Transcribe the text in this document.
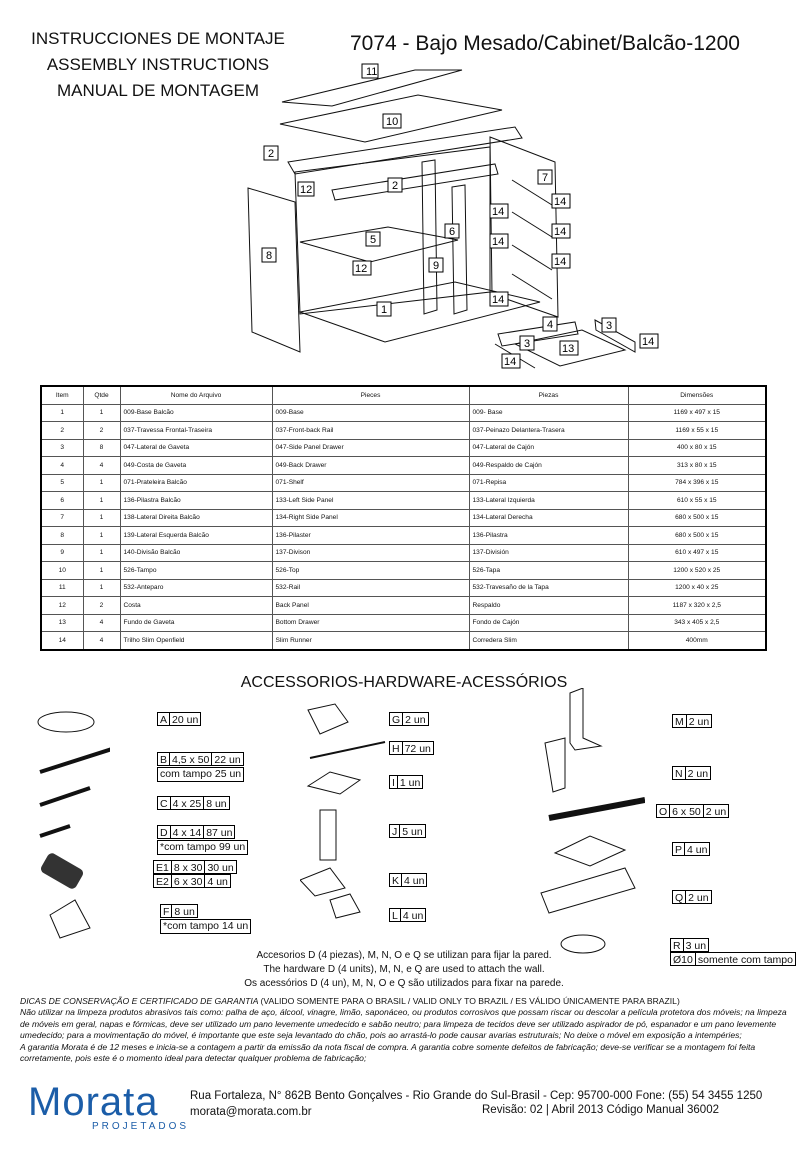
INSTRUCCIONES DE MONTAJE
ASSEMBLY INSTRUCTIONS
MANUAL DE MONTAGEM
7074 - Bajo Mesado/Cabinet/Balcão-1200
11
10
2
12	2
7
14
14
14
14
14
8
5
6
12	9
14
1
4	3
14
3	13
14
Item	Qtde	Nome do Arquivo	Pieces	Piezas	Dimensões
1	1	009-Base Balcão	009-Base	009- Base	1169 x 497 x 15
2	2	037-Travessa Frontal-Traseira	037-Front-back Rail	037-Peinazo Delantera-Trasera	1169 x 55 x 15
3	8	047-Lateral de Gaveta	047-Side Panel Drawer	047-Lateral de Cajón	400 x 80 x 15
4	4	049-Costa de Gaveta	049-Back Drawer	049-Respaldo de Cajón	313 x 80 x 15
5	1	071-Prateleira Balcão	071-Shelf	071-Repisa	784 x 396 x 15
6	1	136-Pilastra Balcão	133-Left Side Panel	133-Lateral Izquierda	610 x 55 x 15
7	1	138-Lateral Direita Balcão	134-Right Side Panel	134-Lateral Derecha	680 x 500 x 15
8	1	139-Lateral Esquerda Balcão	136-Pilaster	136-Pilastra	680 x 500 x 15
9	1	140-Divisão Balcão	137-Divison	137-División	610 x 497 x 15
10	1	526-Tampo	526-Top	526-Tapa	1200 x 520 x 25
11	1	532-Anteparo	532-Rail	532-Travesaño de la Tapa	1200 x 40 x 25
12	2	Costa	Back Panel	Respaldo	1187 x 320 x 2,5
13	4	Fundo de Gaveta	Bottom Drawer	Fondo de Cajón	343 x 405 x 2,5
14	4	Trilho Slim Openfield	Slim Runner	Corredera Slim	400mm
ACCESSORIOS-HARDWARE-ACESSÓRIOS
A 20 un
B 4,5 x 50 22 un
com tampo 25 un
C 4 x 25 8 un
D 4 x 14 87 un
*com tampo 99 un
E1 8 x 30 30 un
E2 6 x 30 4 un
F 8 un
*com tampo 14 un
G 2 un
H 72 un
I 1 un
J 5 un
K 4 un
L 4 un
M 2 un
N 2 un
O 6 x 50 2 un
P 4 un
Q 2 un
R 3 un
Ø10 somente com tampo
Accesorios D (4 piezas), M, N, O e Q se utilizan para fijar la pared.
The hardware D (4 units), M, N, e Q are used to attach the wall.
Os acessórios D (4 un), M, N, O e Q são utilizados para fixar na parede.
DICAS DE CONSERVAÇÃO E CERTIFICADO DE GARANTIA (VALIDO SOMENTE PARA O BRASIL / VALID ONLY TO BRAZIL / ES VÁLIDO ÚNICAMENTE PARA BRAZIL)
Não utilizar na limpeza produtos abrasivos tais como: palha de aço, álcool, vinagre, limão, saponáceo, ou produtos corrosivos que possam riscar ou descolar a película protetora dos móveis; na limpeza de móveis em geral, napas e fórmicas, deve ser utilizado um pano levemente umedecido e sabão neutro; para limpeza de tecidos deve ser utilizado aspirador de pó, espanador e um pano levemente umedecido; para a movimentação do móvel, é importante que este seja levantado do chão, pois ao arrastá-lo pode causar avarias estruturais; No deixe o móvel em exposição a intempéries;
A garantia Morata é de 12 meses e inicia-se a contagem a partir da emissão da nota fiscal de compra. A garantia cobre somente defeitos de fabricação; deve-se verificar se a montagem foi feita corretamente, pois este é o momento ideal para detectar qualquer problema de fabricação;
Morata
PROJETADOS
Rua Fortaleza, N° 862B Bento Gonçalves - Rio Grande do Sul-Brasil - Cep: 95700-000 Fone: (55) 54 3455 1250
morata@morata.com.br	Revisão: 02 | Abril 2013 Código Manual 36002
